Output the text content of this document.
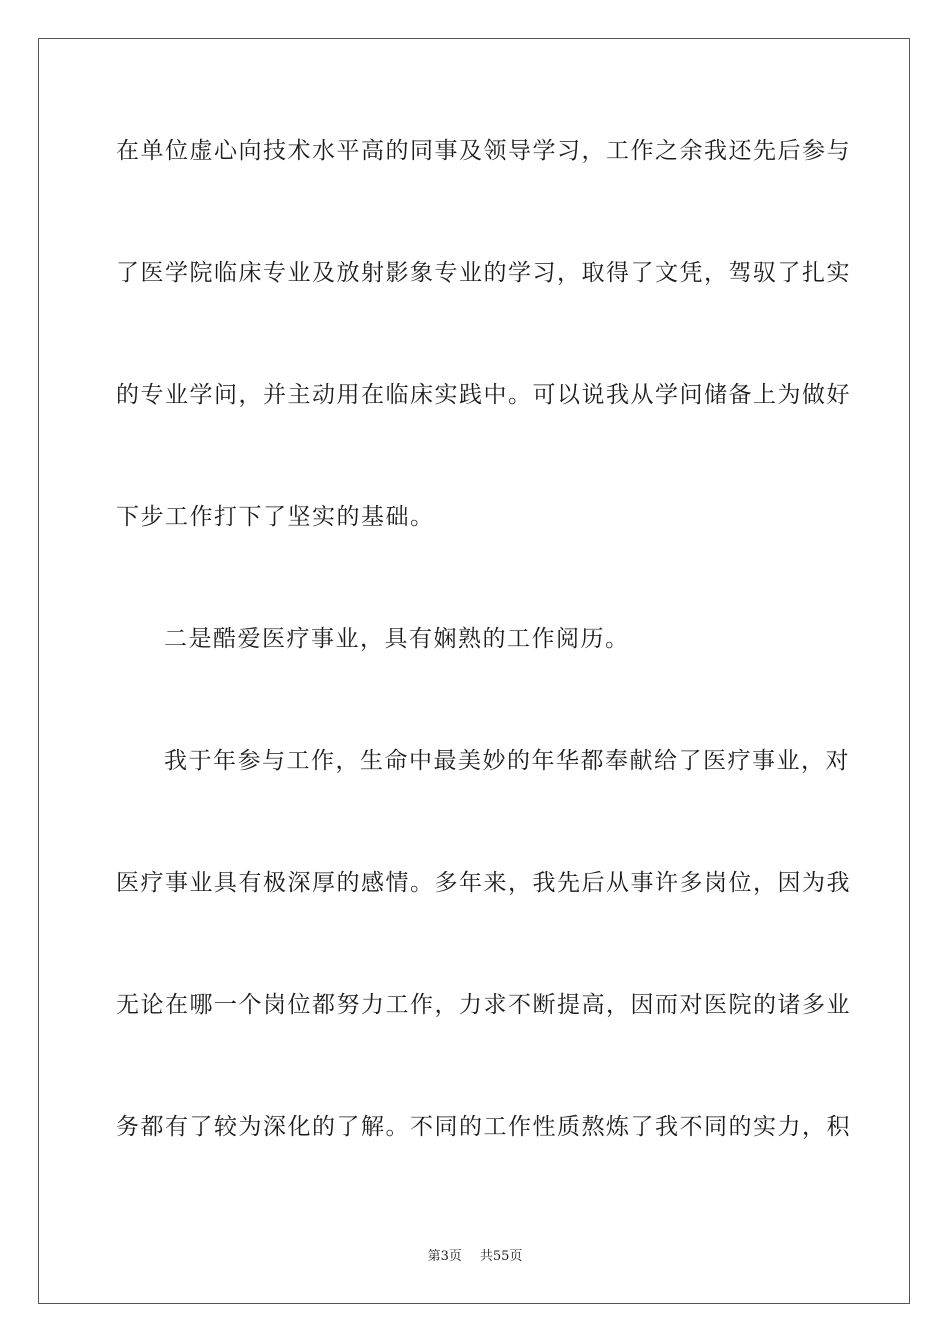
在单位虚心向技术水平高的同事及领导学习，工作之余我还先后参与
了医学院临床专业及放射影象专业的学习，取得了文凭，驾驭了扎实
的专业学问，并主动用在临床实践中。可以说我从学问储备上为做好
下步工作打下了坚实的基础。
二是酷爱医疗事业，具有娴熟的工作阅历。
我于年参与工作，生命中最美妙的年华都奉献给了医疗事业，对
医疗事业具有极深厚的感情。多年来，我先后从事许多岗位，因为我
无论在哪一个岗位都努力工作，力求不断提高，因而对医院的诸多业
务都有了较为深化的了解。不同的工作性质熬炼了我不同的实力，积
第3页 共55页
